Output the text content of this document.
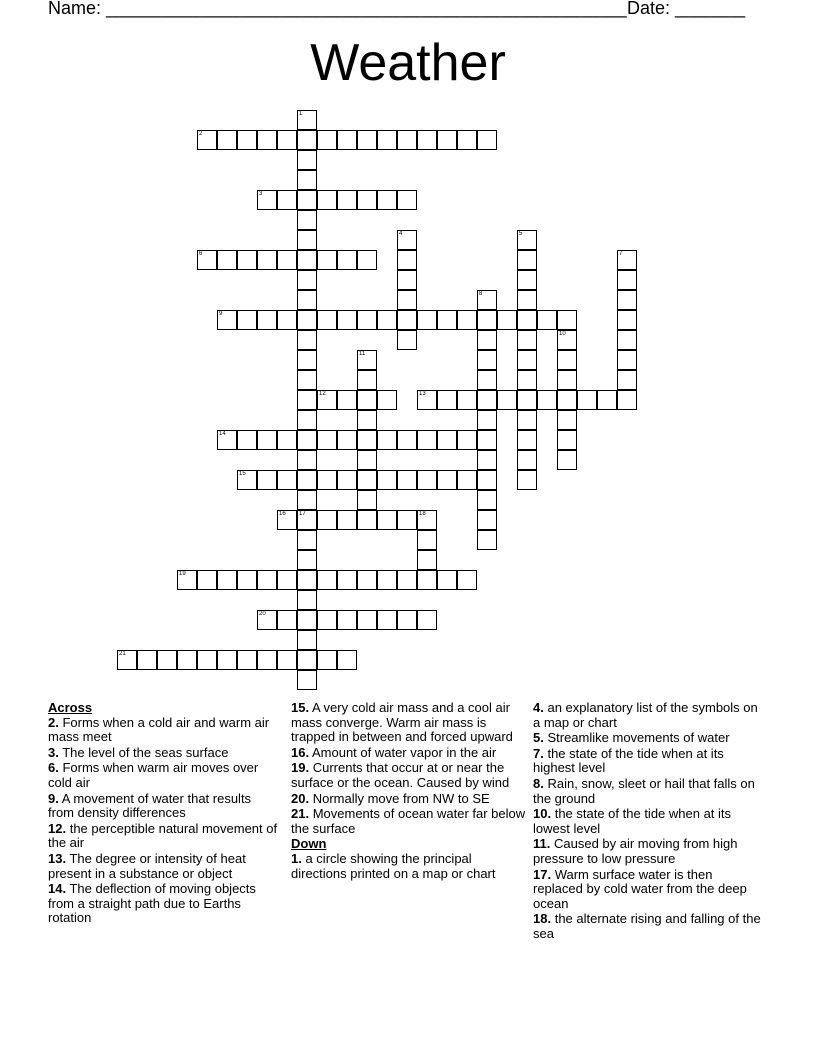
Name: ____________________________________________________ Date: _______
Weather
1
17
2
3
4	5
6	7
8
9
10
11
12	13
14
15
16	18
19
20
21
Across
2. Forms when a cold air and warm air mass meet
3. The level of the seas surface
6. Forms when warm air moves over cold air
9. A movement of water that results from density differences
12. the perceptible natural movement of the air
13. The degree or intensity of heat present in a substance or object
14. The deflection of moving objects from a straight path due to Earths rotation
15. A very cold air mass and a cool air mass converge. Warm air mass is trapped in between and forced upward
16. Amount of water vapor in the air
19. Currents that occur at or near the surface or the ocean. Caused by wind
20. Normally move from NW to SE
21. Movements of ocean water far below the surface
Down
1. a circle showing the principal directions printed on a map or chart
4. an explanatory list of the symbols on a map or chart
5. Streamlike movements of water
7. the state of the tide when at its highest level
8. Rain, snow, sleet or hail that falls on the ground
10. the state of the tide when at its lowest level
11. Caused by air moving from high pressure to low pressure
17. Warm surface water is then replaced by cold water from the deep ocean
18. the alternate rising and falling of the sea
